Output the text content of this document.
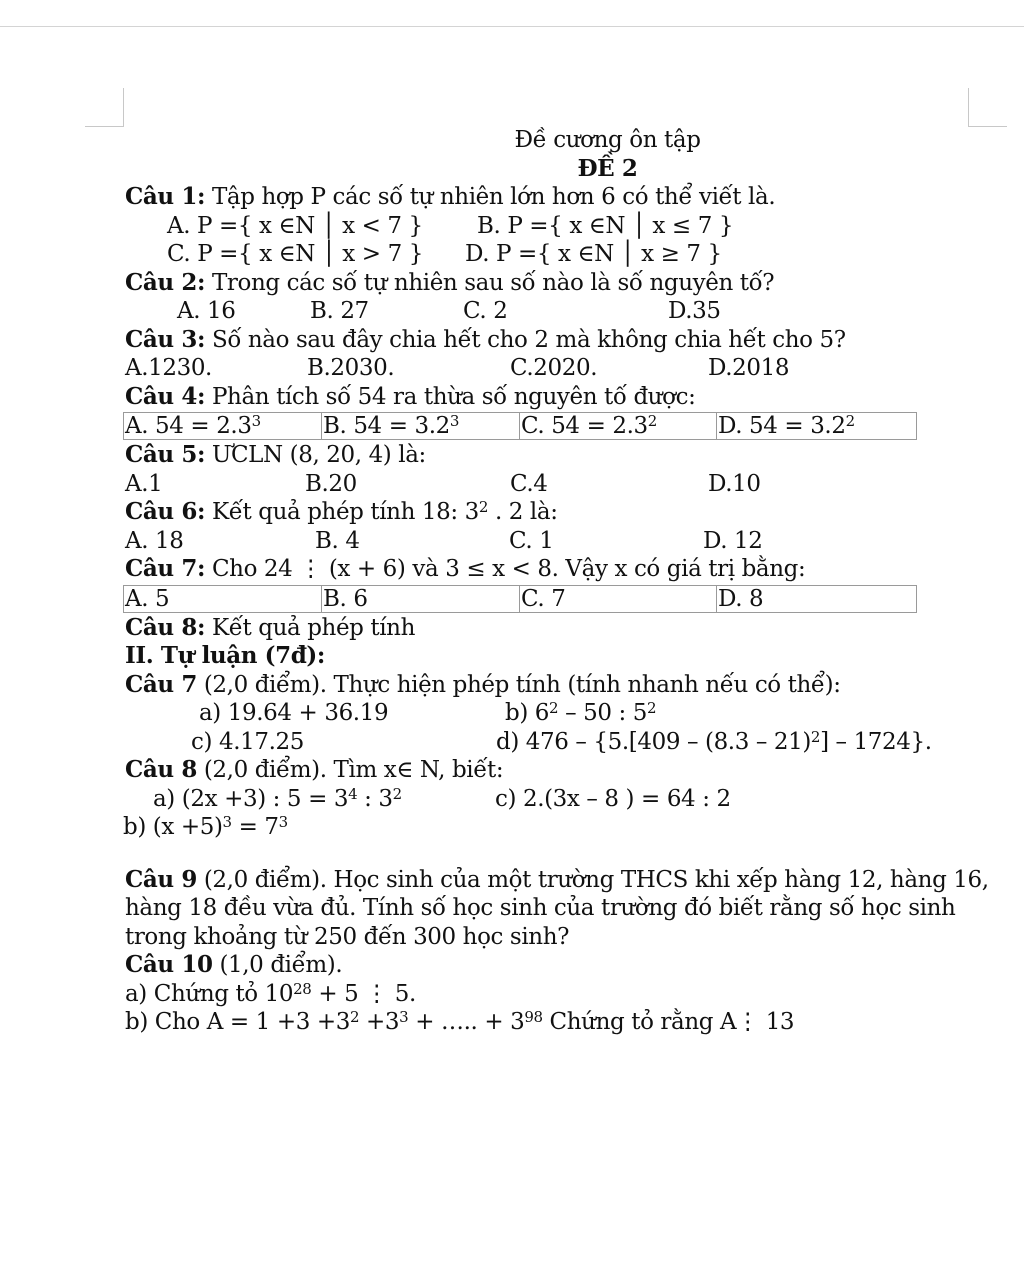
Đề cương ôn tập
ĐỀ 2
Câu 1: Tập hợp P các số tự nhiên lớn hơn 6 có thể viết là.
A. P ={ x ∈N │ x < 7 } B. P ={ x ∈N │ x ≤ 7 }
C. P ={ x ∈N │ x > 7 } D. P ={ x ∈N │ x ≥ 7 }
Câu 2: Trong các số tự nhiên sau số nào là số nguyên tố?
A. 16	B. 27	C. 2	D.35
Câu 3: Số nào sau đây chia hết cho 2 mà không chia hết cho 5?
A.1230.	B.2030.	C.2020.	D.2018
Câu 4: Phân tích số 54 ra thừa số nguyên tố được:
A. $54 = 2.3^3$	B. $54 = 3.2^3$	C. $54 = 2.3^2$	D. $54 = 3.2^2$
Câu 5: ƯCLN (8, 20, 4) là:
A.1	B.20	C.4	D.10
Câu 6: Kết quả phép tính 18: $3^2$ . 2 là:
A. 18	B. 4	C. 1	D. 12
Câu 7: Cho 24 ⋮ (x + 6) và 3 ≤ x < 8. Vậy x có giá trị bằng:
A. 5	B. 6	C. 7	D. 8
Câu 8: Kết quả phép tính
II. Tự luận (7đ):
Câu 7 (2,0 điểm). Thực hiện phép tính (tính nhanh nếu có thể):
a) 19.64 + 36.19	b) $6^2 - 50$ : $5^2$
c) 4.17.25	d) 476 – {5.[409 – (8.3 – 21)$^2$] – 1724}.
Câu 8 (2,0 điểm). Tìm x∈ N, biết:
a) (2x +3) : $5 = 3^4$ : $3^2$	c) 2.(3x – 8 ) = 64 : 2
b) $(x +5)^3 = 7^3$
Câu 9 (2,0 điểm). Học sinh của một trường THCS khi xếp hàng 12, hàng 16,
hàng 18 đều vừa đủ. Tính số học sinh của trường đó biết rằng số học sinh
trong khoảng từ 250 đến 300 học sinh?
Câu 10 (1,0 điểm).
a) Chứng tỏ $10^{28} + 5$ ⋮ 5.
b) Cho $A = 1 +3 +3^2 +3^3$ + ….. + $3^{98}$ Chứng tỏ rằng A⋮ 13
